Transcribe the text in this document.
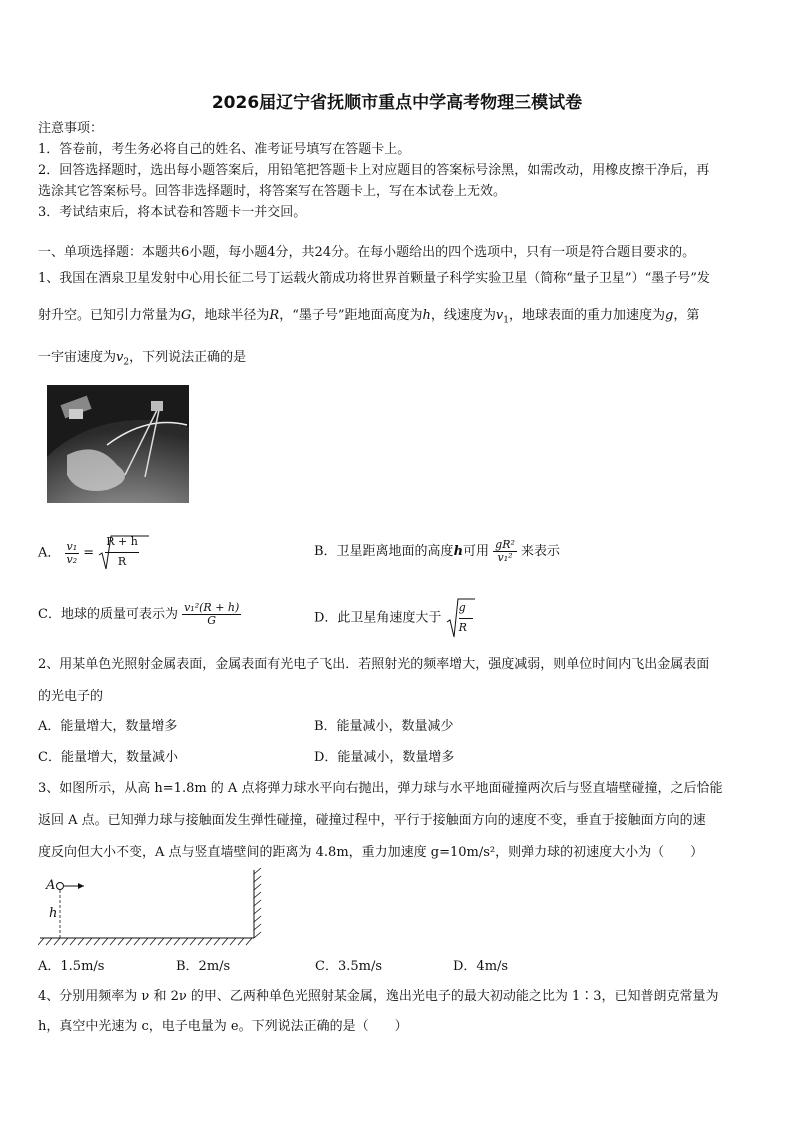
2026届辽宁省抚顺市重点中学高考物理三模试卷
注意事项：
1．答卷前，考生务必将自己的姓名、准考证号填写在答题卡上。
2．回答选择题时，选出每小题答案后，用铅笔把答题卡上对应题目的答案标号涂黑，如需改动，用橡皮擦干净后，再
选涂其它答案标号。回答非选择题时，将答案写在答题卡上，写在本试卷上无效。
3．考试结束后，将本试卷和答题卡一并交回。
一、单项选择题：本题共6小题，每小题4分，共24分。在每小题给出的四个选项中，只有一项是符合题目要求的。
1、我国在酒泉卫星发射中心用长征二号丁运载火箭成功将世界首颗量子科学实验卫星（简称“量子卫星”）“墨子号”发
射升空。已知引力常量为G，地球半径为R，“墨子号”距地面高度为h，线速度为$v_1$，地球表面的重力加速度为g，第
一宇宙速度为$v_2$，下列说法正确的是
A． $\frac{\text{v₁}}{\text{v₂}}$ =
R + h
R
B．卫星距离地面的高度h可用 $\frac{\text{gR²}}{\text{v₁²}}$ 来表示
C．地球的质量可表示为 $\frac{\text{v₁²(R + h)}}{G}$	D．此卫星角速度大于 $\frac{g}{R}$
2、用某单色光照射金属表面，金属表面有光电子飞出．若照射光的频率增大，强度减弱，则单位时间内飞出金属表面
的光电子的
A．能量增大，数量增多	B．能量减小，数量减少
C．能量增大，数量减小	D．能量减小，数量增多
3、如图所示，从高 h=1.8m 的 A 点将弹力球水平向右抛出，弹力球与水平地面碰撞两次后与竖直墙壁碰撞，之后恰能
返回 A 点。已知弹力球与接触面发生弹性碰撞，碰撞过程中，平行于接触面方向的速度不变，垂直于接触面方向的速
度反向但大小不变，A 点与竖直墙壁间的距离为 4.8m，重力加速度 g=10m/s²，则弹力球的初速度大小为（　　）
A
h
A．1.5m/s	B．2m/s	C．3.5m/s	D．4m/s
4、分别用频率为 ν 和 2ν 的甲、乙两种单色光照射某金属，逸出光电子的最大初动能之比为 1∶3，已知普朗克常量为
h，真空中光速为 c，电子电量为 e。下列说法正确的是（　　）
